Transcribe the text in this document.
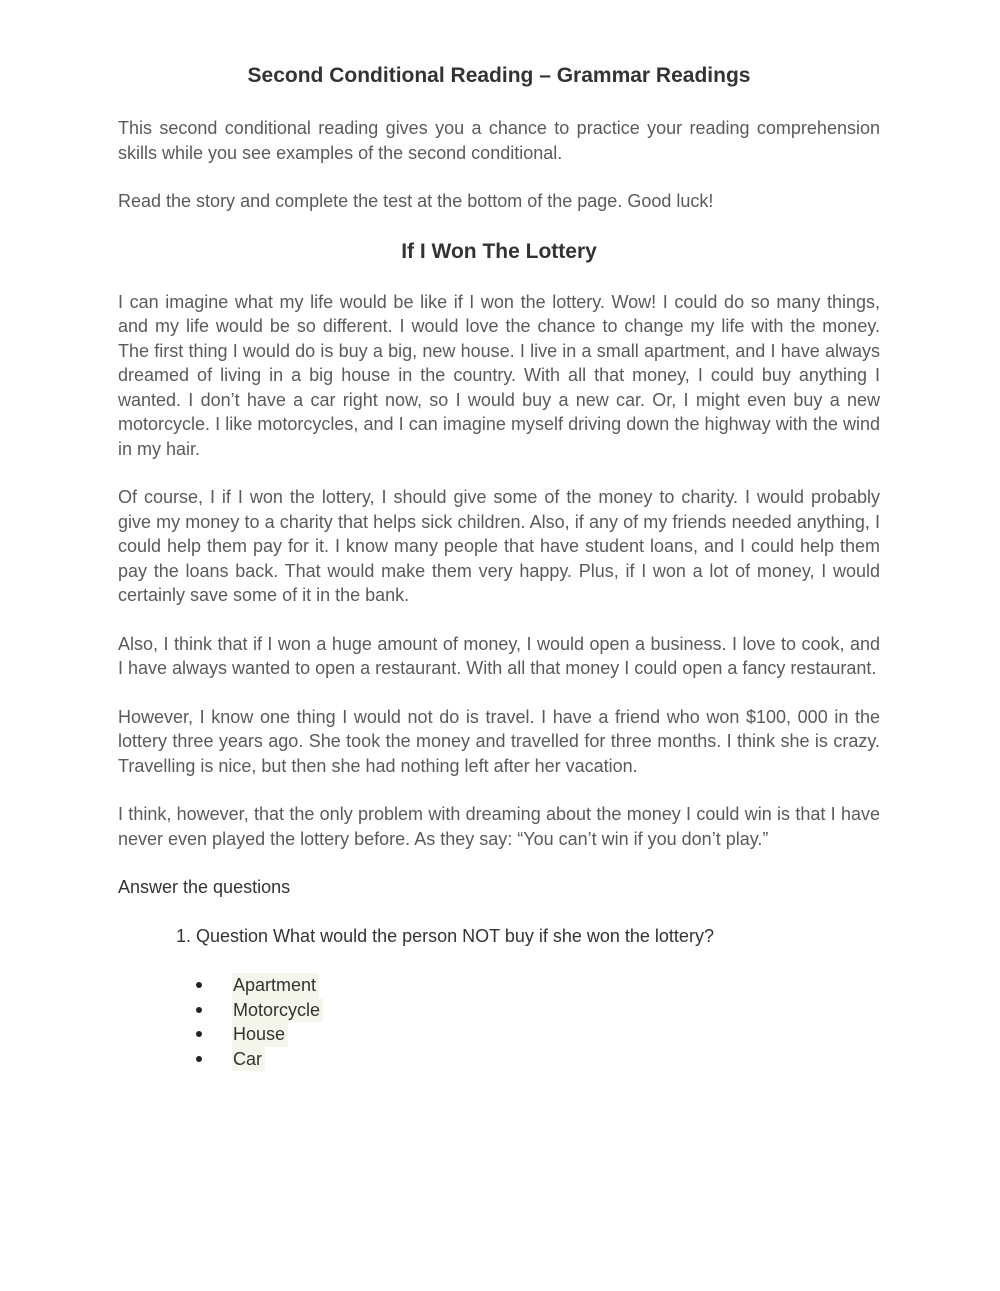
Second Conditional Reading – Grammar Readings

This second conditional reading gives you a chance to practice your reading comprehension skills while you see examples of the second conditional.

Read the story and complete the test at the bottom of the page. Good luck!

If I Won The Lottery

I can imagine what my life would be like if I won the lottery. Wow! I could do so many things, and my life would be so different. I would love the chance to change my life with the money. The first thing I would do is buy a big, new house. I live in a small apartment, and I have always dreamed of living in a big house in the country. With all that money, I could buy anything I wanted. I don’t have a car right now, so I would buy a new car. Or, I might even buy a new motorcycle. I like motorcycles, and I can imagine myself driving down the highway with the wind in my hair.

Of course, I if I won the lottery, I should give some of the money to charity. I would probably give my money to a charity that helps sick children. Also, if any of my friends needed anything, I could help them pay for it. I know many people that have student loans, and I could help them pay the loans back. That would make them very happy. Plus, if I won a lot of money, I would certainly save some of it in the bank.

Also, I think that if I won a huge amount of money, I would open a business. I love to cook, and I have always wanted to open a restaurant. With all that money I could open a fancy restaurant.

However, I know one thing I would not do is travel. I have a friend who won $100, 000 in the lottery three years ago. She took the money and travelled for three months. I think she is crazy. Travelling is nice, but then she had nothing left after her vacation.

I think, however, that the only problem with dreaming about the money I could win is that I have never even played the lottery before. As they say: “You can’t win if you don’t play.”

Answer the questions
1. Question What would the person NOT buy if she won the lottery?
Apartment
Motorcycle
House
Car
